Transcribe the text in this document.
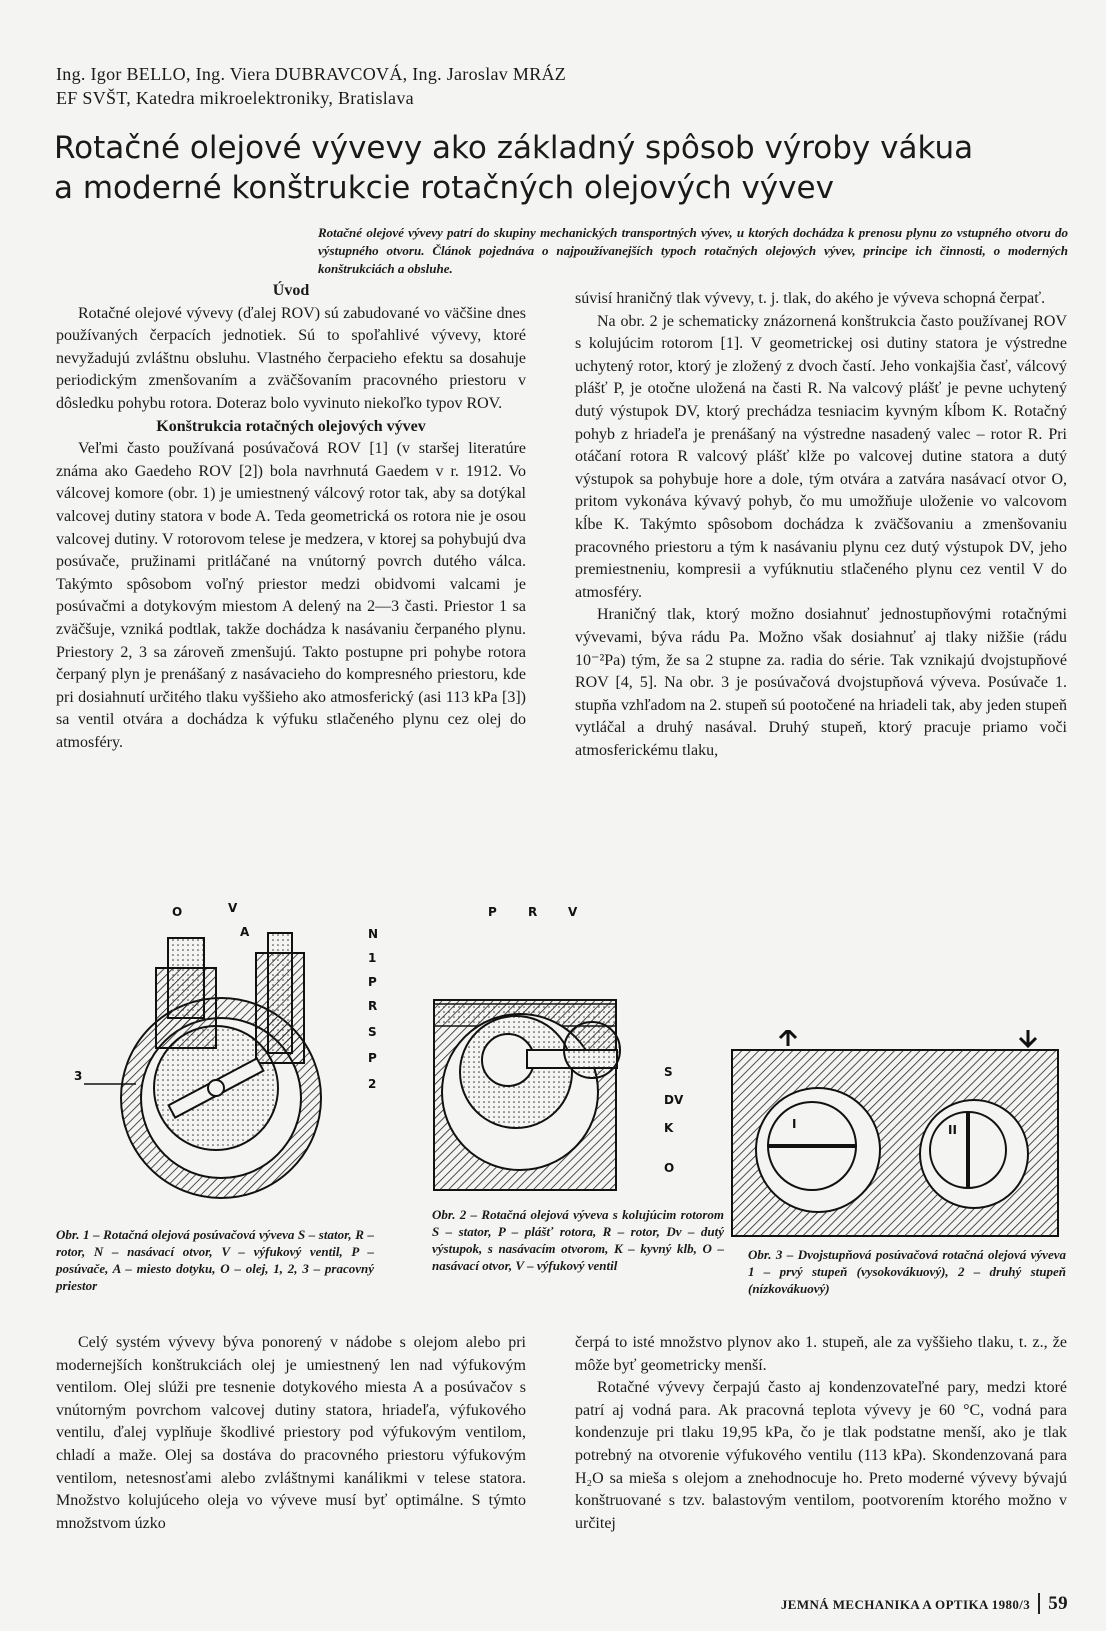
Ing. Igor BELLO, Ing. Viera DUBRAVCOVÁ, Ing. Jaroslav MRÁZ
EF SVŠT, Katedra mikroelektroniky, Bratislava
Rotačné olejové vývevy ako základný spôsob výroby vákua
a moderné konštrukcie rotačných olejových vývev
Rotačné olejové vývevy patrí do skupiny mechanických transportných vývev, u ktorých dochádza k prenosu plynu zo vstupného otvoru do výstupného otvoru. Článok pojednáva o najpoužívanejších typoch rotačných olejových vývev, principe ich činnosti, o moderných konštrukciách a obsluhe.
Úvod

Rotačné olejové vývevy (ďalej ROV) sú zabudované vo väčšine dnes používaných čerpacích jednotiek. Sú to spoľahlivé vývevy, ktoré nevyžadujú zvláštnu obsluhu. Vlastného čerpacieho efektu sa dosahuje periodickým zmenšovaním a zväčšovaním pracovného priestoru v dôsledku pohybu rotora. Doteraz bolo vyvinuto niekoľko typov ROV.

Konštrukcia rotačných olejových vývev

Veľmi často používaná posúvačová ROV [1] (v staršej literatúre známa ako Gaedeho ROV [2]) bola navrhnutá Gaedem v r. 1912. Vo válcovej komore (obr. 1) je umiestnený válcový rotor tak, aby sa dotýkal valcovej dutiny statora v bode A. Teda geometrická os rotora nie je osou valcovej dutiny. V rotorovom telese je medzera, v ktorej sa pohybujú dva posúvače, pružinami pritláčané na vnútorný povrch dutého válca. Takýmto spôsobom voľný priestor medzi obidvomi valcami je posúvačmi a dotykovým miestom A delený na 2—3 časti. Priestor 1 sa zväčšuje, vzniká podtlak, takže dochádza k nasávaniu čerpaného plynu. Priestory 2, 3 sa zároveň zmenšujú. Takto postupne pri pohybe rotora čerpaný plyn je prenášaný z nasávacieho do kompresného priestoru, kde pri dosiahnutí určitého tlaku vyššieho ako atmosferický (asi 113 kPa [3]) sa ventil otvára a dochádza k výfuku stlačeného plynu cez olej do atmosféry.

súvisí hraničný tlak vývevy, t. j. tlak, do akého je výveva schopná čerpať.

Na obr. 2 je schematicky znázornená konštrukcia často používanej ROV s kolujúcim rotorom [1]. V geometrickej osi dutiny statora je výstredne uchytený rotor, ktorý je zložený z dvoch častí. Jeho vonkajšia časť, válcový plášť P, je otočne uložená na časti R. Na valcový plášť je pevne uchytený dutý výstupok DV, ktorý prechádza tesniacim kyvným kĺbom K. Rotačný pohyb z hriadeľa je prenášaný na výstredne nasadený valec – rotor R. Pri otáčaní rotora R valcový plášť klže po valcovej dutine statora a dutý výstupok sa pohybuje hore a dole, tým otvára a zatvára nasávací otvor O, pritom vykonáva kývavý pohyb, čo mu umožňuje uloženie vo valcovom kĺbe K. Takýmto spôsobom dochádza k zväčšovaniu a zmenšovaniu pracovného priestoru a tým k nasávaniu plynu cez dutý výstupok DV, jeho premiestneniu, kompresii a vyfúknutiu stlačeného plynu cez ventil V do atmosféry.

Hraničný tlak, ktorý možno dosiahnuť jednostupňovými rotačnými vývevami, býva rádu Pa. Možno však dosiahnuť aj tlaky nižšie (rádu 10⁻²Pa) tým, že sa 2 stupne za. radia do série. Tak vznikajú dvojstupňové ROV [4, 5]. Na obr. 3 je posúvačová dvojstupňová výveva. Posúvače 1. stupňa vzhľadom na 2. stupeň sú pootočené na hriadeli tak, aby jeden stupeň vytláčal a druhý nasával. Druhý stupeň, ktorý pracuje priamo voči atmosferickému tlaku,

O	V
A	N
1
P
R
S
P
2
3
Obr. 1 – Rotačná olejová posúvačová výveva S – stator, R – rotor, N – nasávací otvor, V – výfukový ventil, P – posúvače, A – miesto dotyku, O – olej, 1, 2, 3 – pracovný priestor
P	R	V
S
DV
K
O
Obr. 2 – Rotačná olejová výveva s kolujúcim rotorom S – stator, P – plášť rotora, R – rotor, Dv – dutý výstupok, s nasávacím otvorom, K – kyvný klb, O – nasávací otvor, V – výfukový ventil
I	II
Obr. 3 – Dvojstupňová posúvačová rotačná olejová výveva 1 – prvý stupeň (vysokovákuový), 2 – druhý stupeň (nízkovákuový)

Celý systém vývevy býva ponorený v nádobe s olejom alebo pri modernejších konštrukciách olej je umiestnený len nad výfukovým ventilom. Olej slúži pre tesnenie dotykového miesta A a posúvačov s vnútorným povrchom valcovej dutiny statora, hriadeľa, výfukového ventilu, ďalej vyplňuje škodlivé priestory pod výfukovým ventilom, chladí a maže. Olej sa dostáva do pracovného priestoru výfukovým ventilom, netesnosťami alebo zvláštnymi kanálikmi v telese statora. Množstvo kolujúceho oleja vo vývеve musí byť optimálne. S týmto množstvom úzko

čerpá to isté množstvo plynov ako 1. stupeň, ale za vyššieho tlaku, t. z., že môže byť geometricky menší.

Rotačné vývevy čerpajú často aj kondenzovateľné pary, medzi ktoré patrí aj vodná para. Ak pracovná teplota vývevy je 60 °C, vodná para kondenzuje pri tlaku 19,95 kPa, čo je tlak podstatne menší, ako je tlak potrebný na otvorenie výfukového ventilu (113 kPa). Skondenzovaná para H₂O sa mieša s olejom a znehodnocuje ho. Preto moderné vývevy bývajú konštruované s tzv. balastovým ventilom, pootvorením ktorého možno v určitej

JEMNÁ MECHANIKA A OPTIKA 1980/3 59
